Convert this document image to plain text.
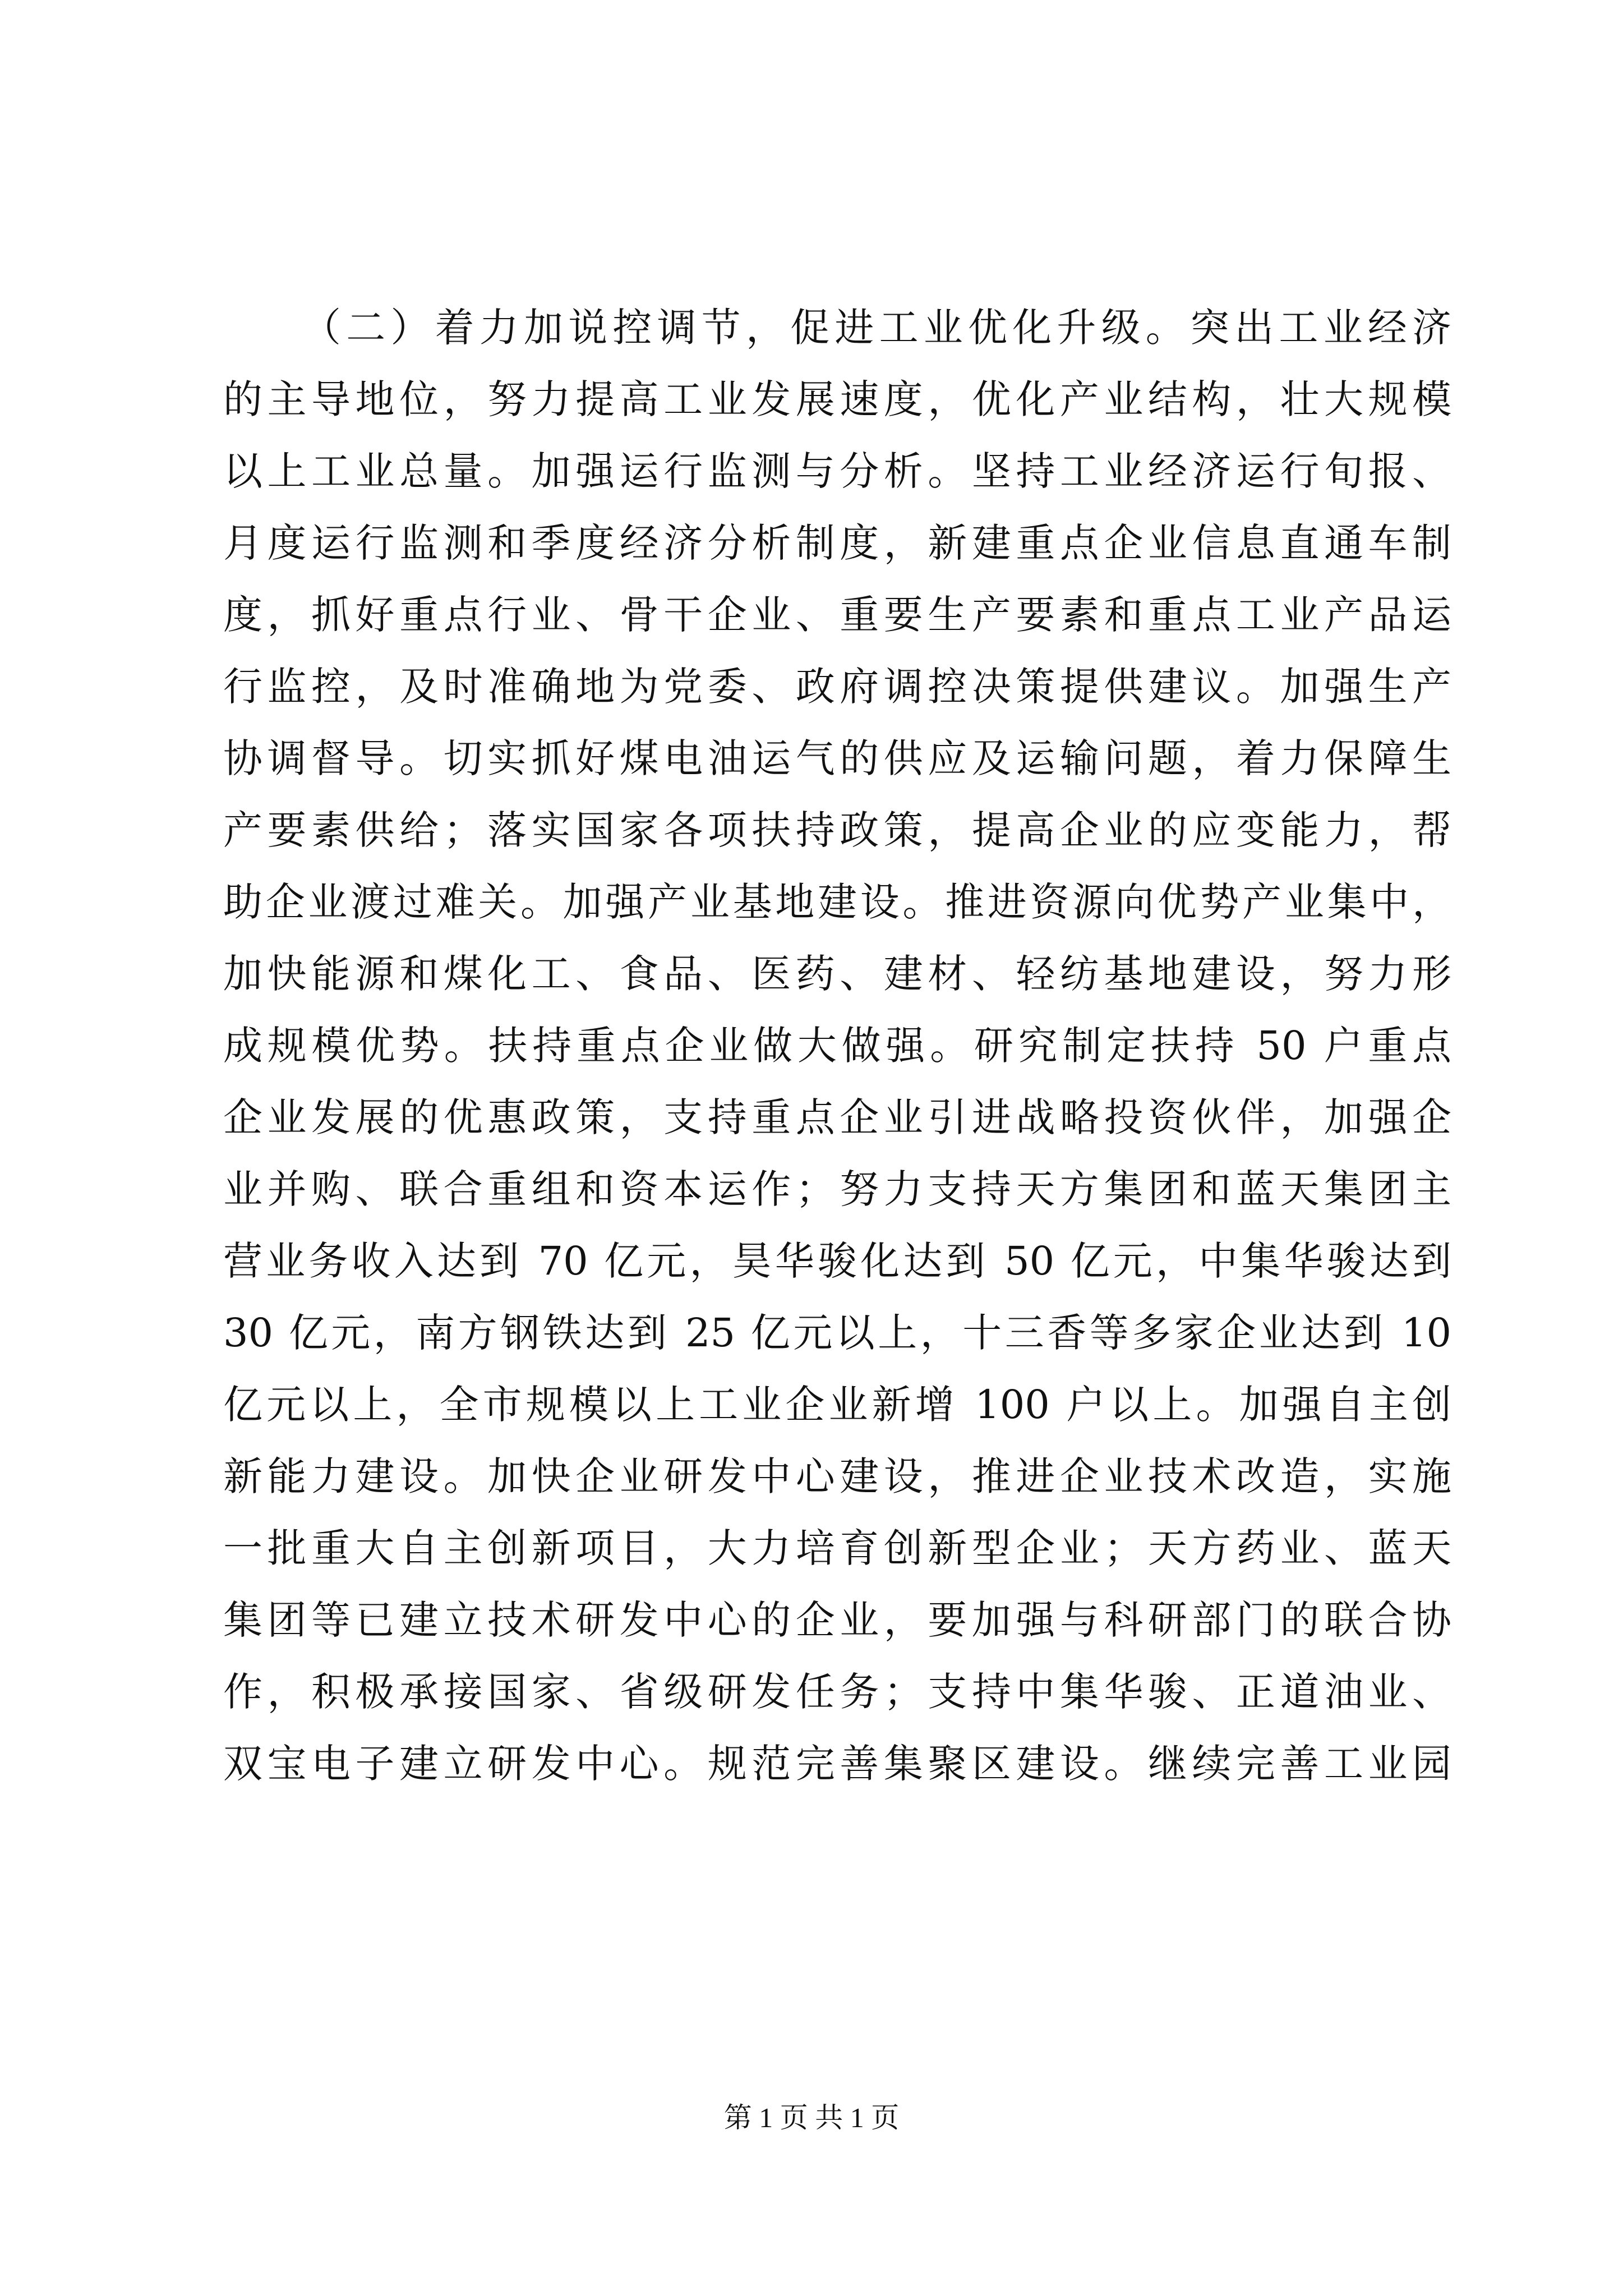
（二）着力加说控调节，促进工业优化升级。突出工业经济
的主导地位，努力提高工业发展速度，优化产业结构，壮大规模
以上工业总量。加强运行监测与分析。坚持工业经济运行旬报、
月度运行监测和季度经济分析制度，新建重点企业信息直通车制
度，抓好重点行业、骨干企业、重要生产要素和重点工业产品运
行监控，及时准确地为党委、政府调控决策提供建议。加强生产
协调督导。切实抓好煤电油运气的供应及运输问题，着力保障生
产要素供给；落实国家各项扶持政策，提高企业的应变能力，帮
助企业渡过难关。加强产业基地建设。推进资源向优势产业集中，
加快能源和煤化工、食品、医药、建材、轻纺基地建设，努力形
成规模优势。扶持重点企业做大做强。研究制定扶持 50 户重点
企业发展的优惠政策，支持重点企业引进战略投资伙伴，加强企
业并购、联合重组和资本运作；努力支持天方集团和蓝天集团主
营业务收入达到 70 亿元，昊华骏化达到 50 亿元，中集华骏达到
30 亿元，南方钢铁达到 25 亿元以上，十三香等多家企业达到 10
亿元以上，全市规模以上工业企业新增 100 户以上。加强自主创
新能力建设。加快企业研发中心建设，推进企业技术改造，实施
一批重大自主创新项目，大力培育创新型企业；天方药业、蓝天
集团等已建立技术研发中心的企业，要加强与科研部门的联合协
作，积极承接国家、省级研发任务；支持中集华骏、正道油业、
双宝电子建立研发中心。规范完善集聚区建设。继续完善工业园
第 1 页 共 1 页
